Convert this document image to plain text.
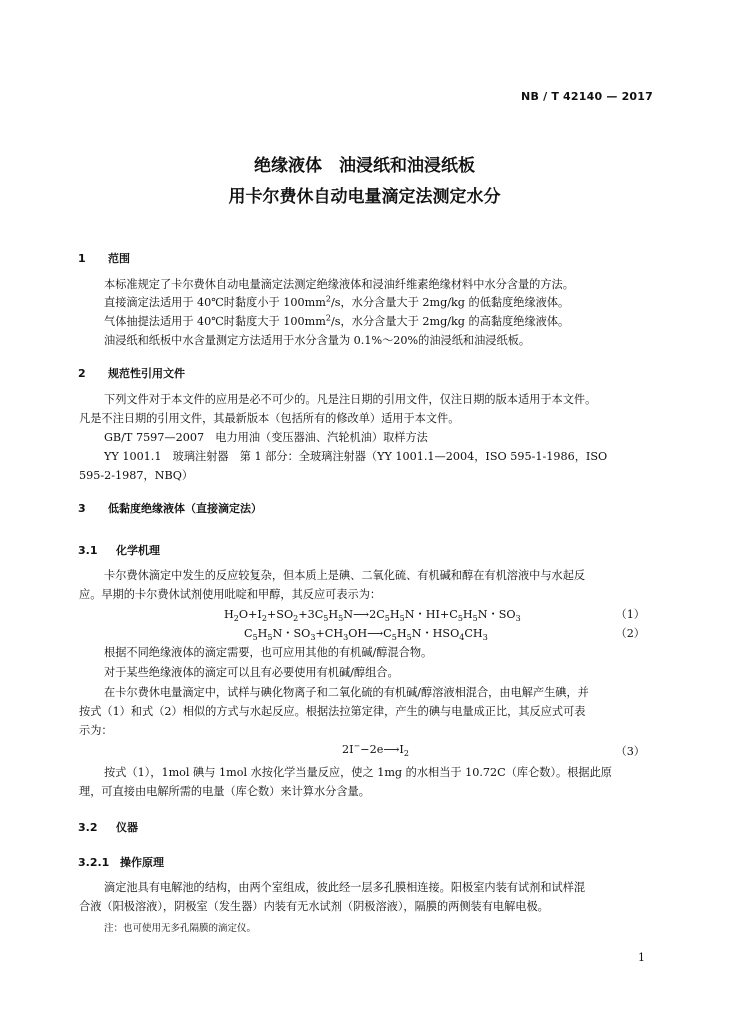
NB / T 42140 — 2017
绝缘液体　油浸纸和油浸纸板
用卡尔费休自动电量滴定法测定水分
1 范围
本标准规定了卡尔费休自动电量滴定法测定绝缘液体和浸油纤维素绝缘材料中水分含量的方法。
直接滴定法适用于 40℃时黏度小于 $100mm^2/s$，水分含量大于 2mg/kg 的低黏度绝缘液体。
气体抽提法适用于 40℃时黏度大于 $100mm^2/s$，水分含量大于 2mg/kg 的高黏度绝缘液体。
油浸纸和纸板中水含量测定方法适用于水分含量为 0.1%～20%的油浸纸和油浸纸板。
2 规范性引用文件
下列文件对于本文件的应用是必不可少的。凡是注日期的引用文件，仅注日期的版本适用于本文件。
凡是不注日期的引用文件，其最新版本（包括所有的修改单）适用于本文件。
GB/T 7597—2007　电力用油（变压器油、汽轮机油）取样方法
YY 1001.1　玻璃注射器　第 1 部分：全玻璃注射器（YY 1001.1—2004，ISO 595-1-1986，ISO
595-2-1987，NBQ）
3 低黏度绝缘液体（直接滴定法）
3.1 化学机理
卡尔费休滴定中发生的反应较复杂，但本质上是碘、二氧化硫、有机碱和醇在有机溶液中与水起反
应。早期的卡尔费休试剂使用吡啶和甲醇，其反应可表示为：
$H_2O+I_2+SO_2+3C_5H_5N⟶2C_5H_5N$・$HI+C_5H_5N$・$SO_3$	（1）
$C_5H_5N$・$SO_3+CH_3OH⟶C_5H_5N$・$HSO_4CH_3$	（2）
根据不同绝缘液体的滴定需要，也可应用其他的有机碱/醇混合物。
对于某些绝缘液体的滴定可以且有必要使用有机碱/醇组合。
在卡尔费休电量滴定中，试样与碘化物离子和二氧化硫的有机碱/醇溶液相混合，由电解产生碘，并
按式（1）和式（2）相似的方式与水起反应。根据法拉第定律，产生的碘与电量成正比，其反应式可表
示为：
$2I^--2e⟶I_2$	（3）
按式（1），1mol 碘与 1mol 水按化学当量反应，使之 1mg 的水相当于 10.72C（库仑数）。根据此原
理，可直接由电解所需的电量（库仑数）来计算水分含量。
3.2 仪器
3.2.1 操作原理
滴定池具有电解池的结构，由两个室组成，彼此经一层多孔膜相连接。阳极室内装有试剂和试样混
合液（阳极溶液），阴极室（发生器）内装有无水试剂（阴极溶液），隔膜的两侧装有电解电极。
注：也可使用无多孔隔膜的滴定仪。
1
